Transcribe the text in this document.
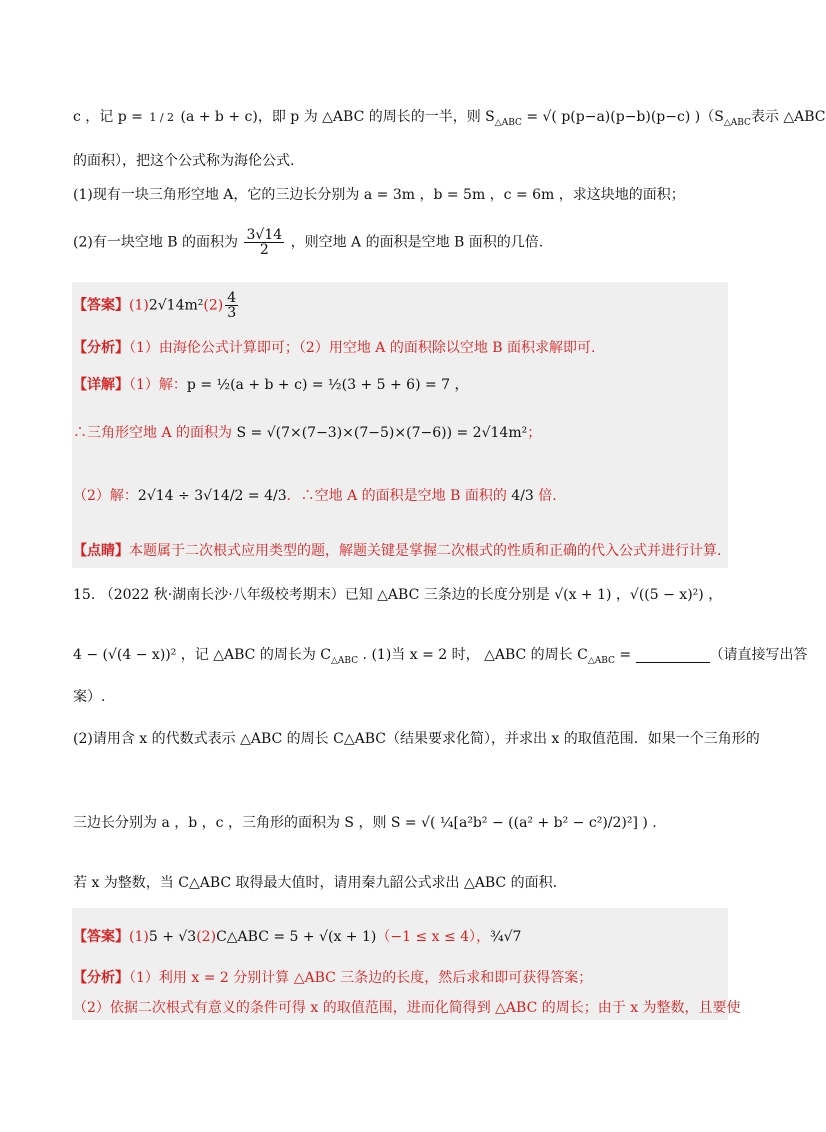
c ，记 p = 1 / 2 (a + b + c)，即 p 为 △ABC 的周长的一半，则 $S_{\triangle ABC}$ = √( p(p−a)(p−b)(p−c) )（$S_{\triangle ABC}$表示 △ABC
的面积），把这个公式称为海伦公式.
(1)现有一块三角形空地 A，它的三边长分别为 a = 3m ，b = 5m ，c = 6m ，求这块地的面积；
(2)有一块空地 B 的面积为 $\frac{3√14}{2}$ ，则空地 A 的面积是空地 B 面积的几倍.
【答案】$(1)2√14m^2(2) \frac{4}{3}$
【分析】（1）由海伦公式计算即可；（2）用空地 A 的面积除以空地 B 面积求解即可.
【详解】（1）解：p = ½(a + b + c) = ½(3 + 5 + 6) = 7 ，
∴三角形空地 A 的面积为 S = √(7×(7−3)×(7−5)×(7−6)) = 2√14m²；
（2）解：2√14 ÷ 3√14/2 = 4/3．∴空地 A 的面积是空地 B 面积的 4/3 倍.
【点睛】本题属于二次根式应用类型的题，解题关键是掌握二次根式的性质和正确的代入公式并进行计算.
15. （2022 秋·湖南长沙·八年级校考期末）已知 △ABC 三条边的长度分别是 √(x + 1) ，√((5 − x)²) ，
4 − (√(4 − x))² ，记 △ABC 的周长为 $C_{\triangle ABC}$ . (1)当 x = 2 时， △ABC 的周长 $C_{\triangle ABC}$ =	（请直接写出答
案）.
(2)请用含 x 的代数式表示 △ABC 的周长 C△ABC（结果要求化简），并求出 x 的取值范围．如果一个三角形的
三边长分别为 a ，b ，c ，三角形的面积为 S ，则 S = √( ¼[a²b² − ((a² + b² − c²)/2)²] ) .
若 x 为整数，当 C△ABC 取得最大值时，请用秦九韶公式求出 △ABC 的面积.
【答案】(1)5 + √3(2)C△ABC = 5 + √(x + 1)（−1 ≤ x ≤ 4），¾√7
【分析】（1）利用 x = 2 分别计算 △ABC 三条边的长度，然后求和即可获得答案；
（2）依据二次根式有意义的条件可得 x 的取值范围，进而化简得到 △ABC 的周长；由于 x 为整数，且要使
